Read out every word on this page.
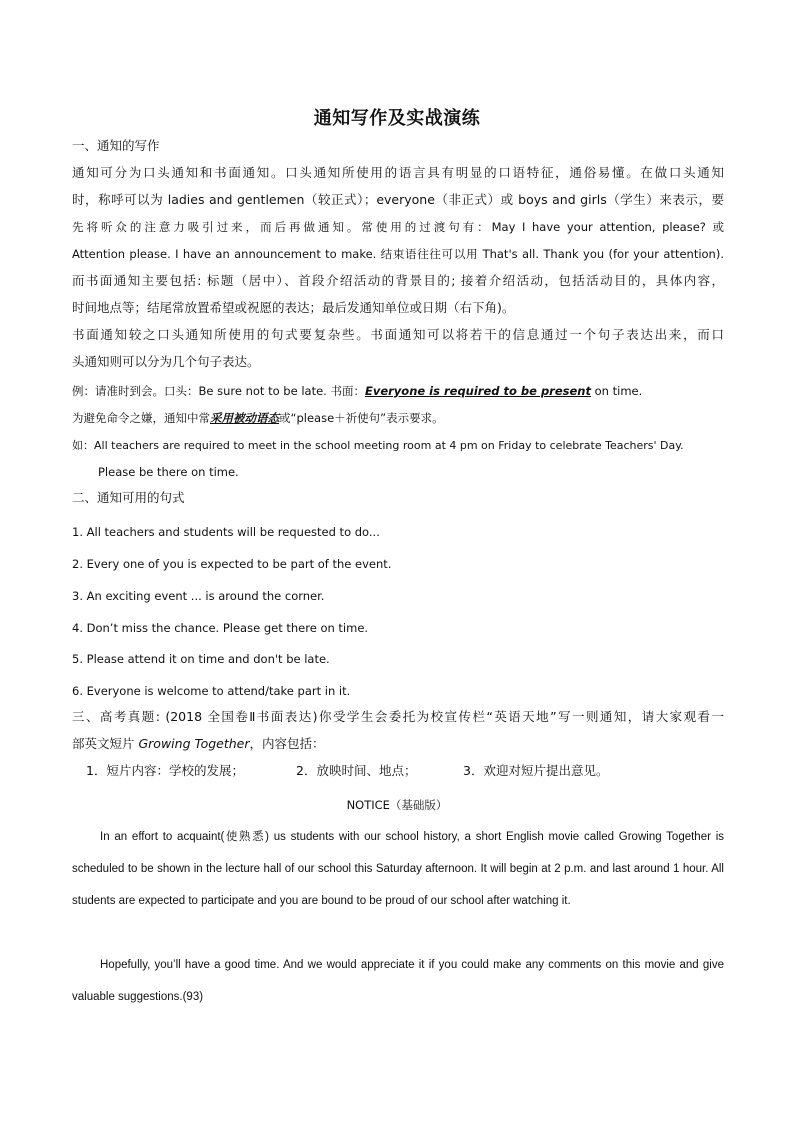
通知写作及实战演练
一、通知的写作
通知可分为口头通知和书面通知。口头通知所使用的语言具有明显的口语特征，通俗易懂。在做口头通知
时，称呼可以为 ladies and gentlemen（较正式）；everyone（非正式）或 boys and girls（学生）来表示，要
先将听众的注意力吸引过来，而后再做通知。常使用的过渡句有：May I have your attention, please? 或
Attention please. I have an announcement to make. 结束语往往可以用 That's all. Thank you (for your attention).
而书面通知主要包括: 标题（居中）、首段介绍活动的背景目的; 接着介绍活动，包括活动目的，具体内容，
时间地点等；结尾常放置希望或祝愿的表达；最后发通知单位或日期（右下角)。
书面通知较之口头通知所使用的句式要复杂些。书面通知可以将若干的信息通过一个句子表达出来，而口
头通知则可以分为几个句子表达。
例：请准时到会。口头：Be sure not to be late. 书面：Everyone is required to be present on time.
为避免命令之嫌，通知中常采用被动语态或“please＋祈使句”表示要求。
如：All teachers are required to meet in the school meeting room at 4 pm on Friday to celebrate Teachers' Day.
Please be there on time.
二、通知可用的句式
1. All teachers and students will be requested to do...
2. Every one of you is expected to be part of the event.
3. An exciting event ... is around the corner.
4. Don’t miss the chance. Please get there on time.
5. Please attend it on time and don't be late.
6. Everyone is welcome to attend/take part in it.
三、高考真题: (2018 全国卷Ⅱ书面表达)你受学生会委托为校宣传栏“英语天地”写一则通知，请大家观看一
部英文短片 Growing Together，内容包括：
1．短片内容：学校的发展；	2．放映时间、地点；	3．欢迎对短片提出意见。
NOTICE（基础版）
In an effort to acquaint(使熟悉) us students with our school history, a short English movie called Growing Together is scheduled to be shown in the lecture hall of our school this Saturday afternoon. It will begin at 2 p.m. and last around 1 hour. All students are expected to participate and you are bound to be proud of our school after watching it.
Hopefully, you’ll have a good time. And we would appreciate it if you could make any comments on this movie and give valuable suggestions.(93)
